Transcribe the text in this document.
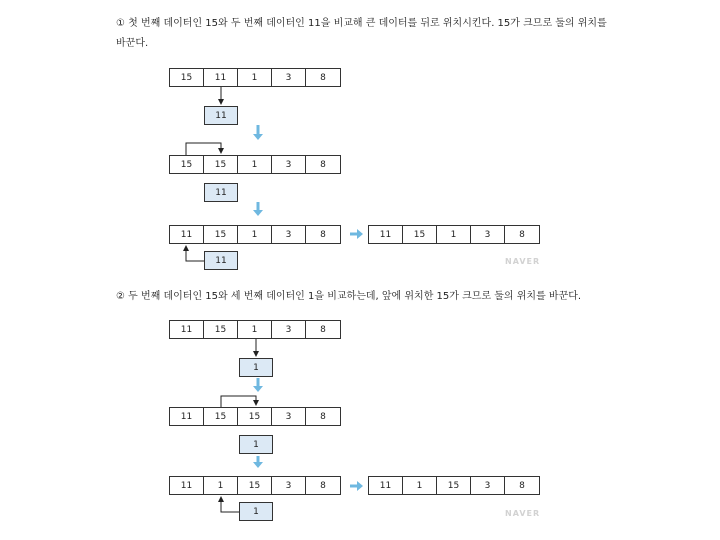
① 첫 번째 데이터인 15와 두 번째 데이터인 11을 비교해 큰 데이터를 뒤로 위치시킨다. 15가 크므로 둘의 위치를 바꾼다.
15	11	1	3	8
11
15	15	1	3	8
11
11	15	1	3	8
11
11	15	1	3	8
NAVER
② 두 번째 데이터인 15와 세 번째 데이터인 1을 비교하는데, 앞에 위치한 15가 크므로 둘의 위치를 바꾼다.
11	15	1	3	8
1
11	15	15	3	8
1
11	1	15	3	8
1
11	1	15	3	8
NAVER
